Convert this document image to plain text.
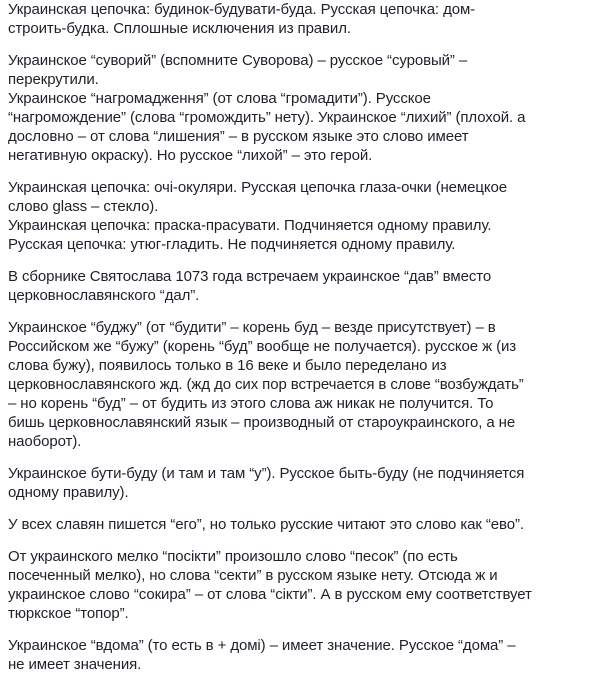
Украинская цепочка: будинок-будувати-буда. Русская цепочка: дом-
строить-будка. Сплошные исключения из правил.
Украинское “суворий” (вспомните Суворова) – русское “суровый” –
перекрутили.
Украинское “нагромадження” (от слова “громадити”). Русское
“нагромождение” (слова “громождить” нету). Украинское “лихий” (плохой. а
дословно – от слова “лишения” – в русском языке это слово имеет
негативную окраску). Но русское “лихой” – это герой.
Украинская цепочка: очі-окуляри. Русская цепочка глаза-очки (немецкое
слово glass – стекло).
Украинская цепочка: праска-прасувати. Подчиняется одному правилу.
Русская цепочка: утюг-гладить. Не подчиняется одному правилу.
В сборнике Святослава 1073 года встречаем украинское “дав” вместо
церковнославянского “дал”.
Украинское “буджу” (от “будити” – корень буд – везде присутствует) – в
Российском же “бужу” (корень “буд” вообще не получается). русское ж (из
слова бужу), появилось только в 16 веке и было переделано из
церковнославянского жд. (жд до сих пор встречается в слове “возбуждать”
– но корень “буд” – от будить из этого слова аж никак не получится. То
бишь церковнославянский язык – производный от староукраинского, а не
наоборот).
Украинское бути-буду (и там и там “у”). Русское быть-буду (не подчиняется
одному правилу).
У всех славян пишется “его”, но только русские читают это слово как “ево”.
От украинского мелко “посікти” произошло слово “песок” (по есть
посеченный мелко), но слова “секти” в русском языке нету. Отсюда ж и
украинское слово “сокира” – от слова “сікти”. А в русском ему соответствует
тюркское “топор”.
Украинское “вдома” (то есть в + домі) – имеет значение. Русское “дома” –
не имеет значения.
